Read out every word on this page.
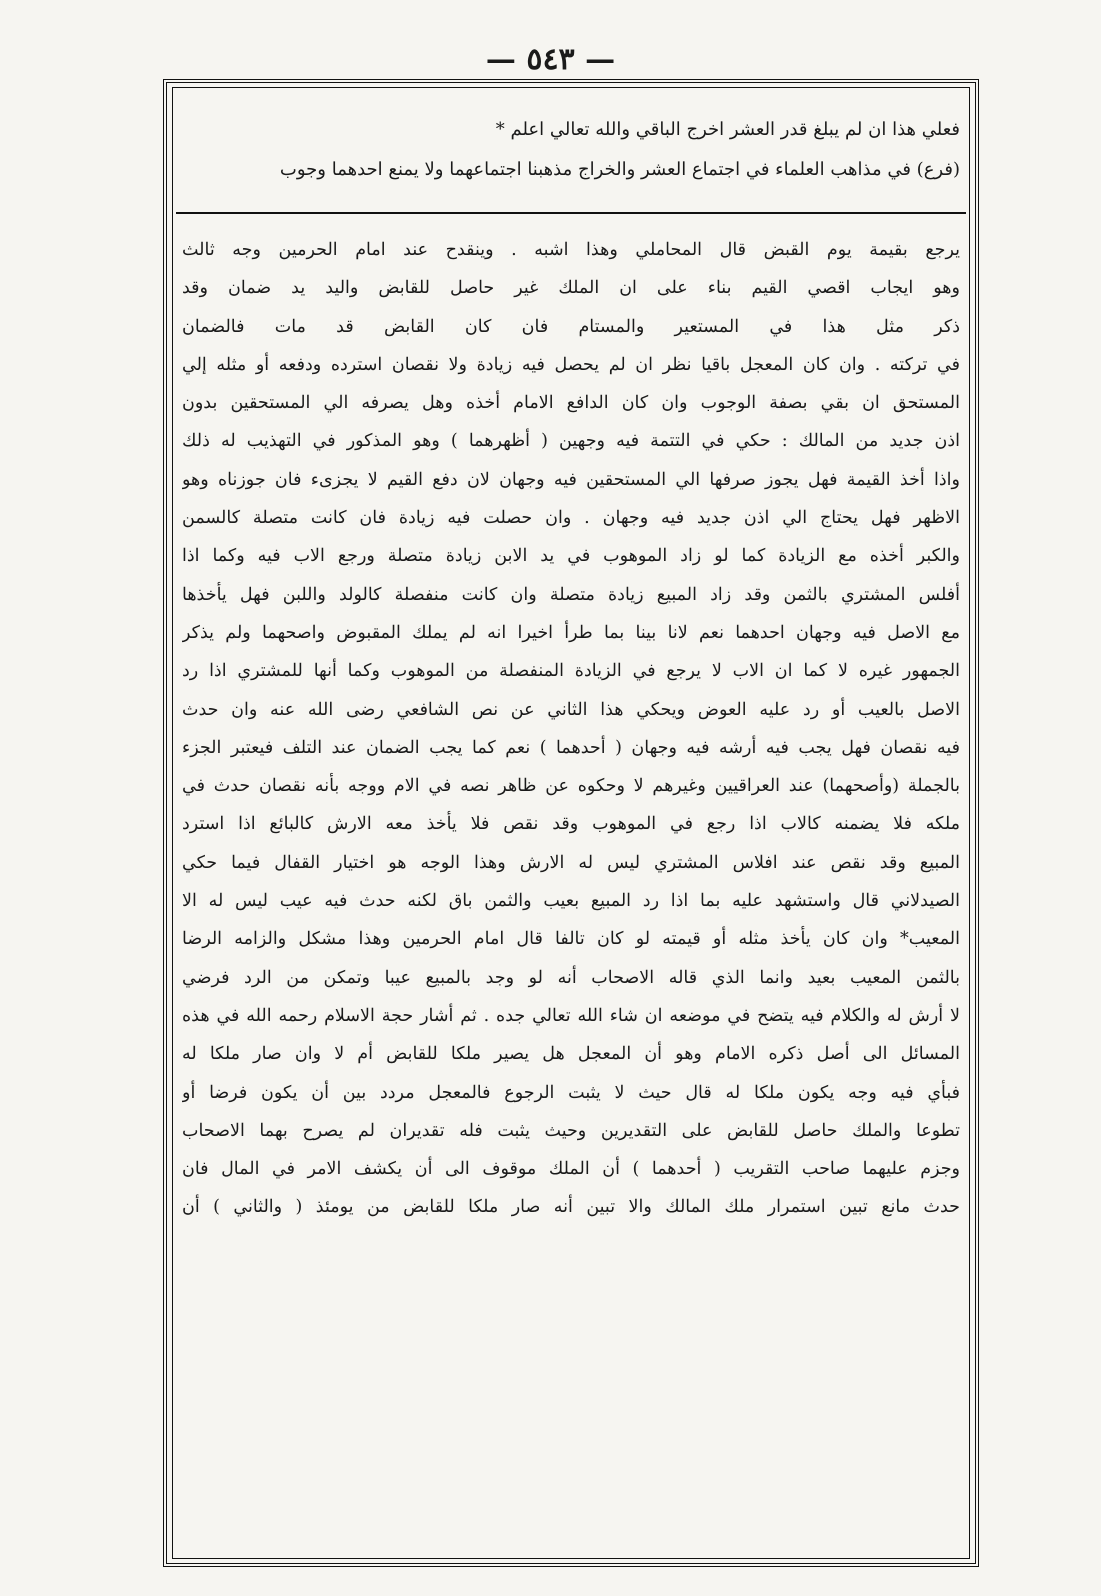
— ٥٤٣ —
فعلي هذا ان لم يبلغ قدر العشر اخرج الباقي والله تعالي اعلم *
(فرع) في مذاهب العلماء في اجتماع العشر والخراج مذهبنا اجتماعهما ولا يمنع احدهما وجوب
يرجع بقيمة يوم القبض قال المحاملي وهذا اشبه . وينقدح عند امام الحرمين وجه ثالث
وهو ايجاب اقصي القيم بناء على ان الملك غير حاصل للقابض واليد يد ضمان وقد
ذكر مثل هذا في المستعير والمستام فان كان القابض قد مات فالضمان
في تركته . وان كان المعجل باقيا نظر ان لم يحصل فيه زيادة ولا نقصان استرده ودفعه أو مثله إلي
المستحق ان بقي بصفة الوجوب وان كان الدافع الامام أخذه وهل يصرفه الي المستحقين بدون
اذن جديد من المالك : حكي في التتمة فيه وجهين ( أظهرهما ) وهو المذكور في التهذيب له ذلك
واذا أخذ القيمة فهل يجوز صرفها الي المستحقين فيه وجهان لان دفع القيم لا يجزىء فان جوزناه وهو
الاظهر فهل يحتاج الي اذن جديد فيه وجهان . وان حصلت فيه زيادة فان كانت متصلة كالسمن
والكبر أخذه مع الزيادة كما لو زاد الموهوب في يد الابن زيادة متصلة ورجع الاب فيه وكما اذا
أفلس المشتري بالثمن وقد زاد المبيع زيادة متصلة وان كانت منفصلة كالولد واللبن فهل يأخذها
مع الاصل فيه وجهان احدهما نعم لانا بينا بما طرأ اخيرا انه لم يملك المقبوض واصحهما ولم يذكر
الجمهور غيره لا كما ان الاب لا يرجع في الزيادة المنفصلة من الموهوب وكما أنها للمشتري اذا رد
الاصل بالعيب أو رد عليه العوض ويحكي هذا الثاني عن نص الشافعي رضى الله عنه وان حدث
فيه نقصان فهل يجب فيه أرشه فيه وجهان ( أحدهما ) نعم كما يجب الضمان عند التلف فيعتبر الجزء
بالجملة (وأصحهما) عند العراقيين وغيرهم لا وحكوه عن ظاهر نصه في الام ووجه بأنه نقصان حدث في
ملكه فلا يضمنه كالاب اذا رجع في الموهوب وقد نقص فلا يأخذ معه الارش كالبائع اذا استرد
المبيع وقد نقص عند افلاس المشتري ليس له الارش وهذا الوجه هو اختيار القفال فيما حكي
الصيدلاني قال واستشهد عليه بما اذا رد المبيع بعيب والثمن باق لكنه حدث فيه عيب ليس له الا
المعيب* وان كان يأخذ مثله أو قيمته لو كان تالفا قال امام الحرمين وهذا مشكل والزامه الرضا
بالثمن المعيب بعيد وانما الذي قاله الاصحاب أنه لو وجد بالمبيع عيبا وتمكن من الرد فرضي
لا أرش له والكلام فيه يتضح في موضعه ان شاء الله تعالي جده . ثم أشار حجة الاسلام رحمه الله في هذه
المسائل الى أصل ذكره الامام وهو أن المعجل هل يصير ملكا للقابض أم لا وان صار ملكا له
فبأي فيه وجه يكون ملكا له قال حيث لا يثبت الرجوع فالمعجل مردد بين أن يكون فرضا أو
تطوعا والملك حاصل للقابض على التقديرين وحيث يثبت فله تقديران لم يصرح بهما الاصحاب
وجزم عليهما صاحب التقريب ( أحدهما ) أن الملك موقوف الى أن يكشف الامر في المال فان
حدث مانع تبين استمرار ملك المالك والا تبين أنه صار ملكا للقابض من يومئذ ( والثاني ) أن
